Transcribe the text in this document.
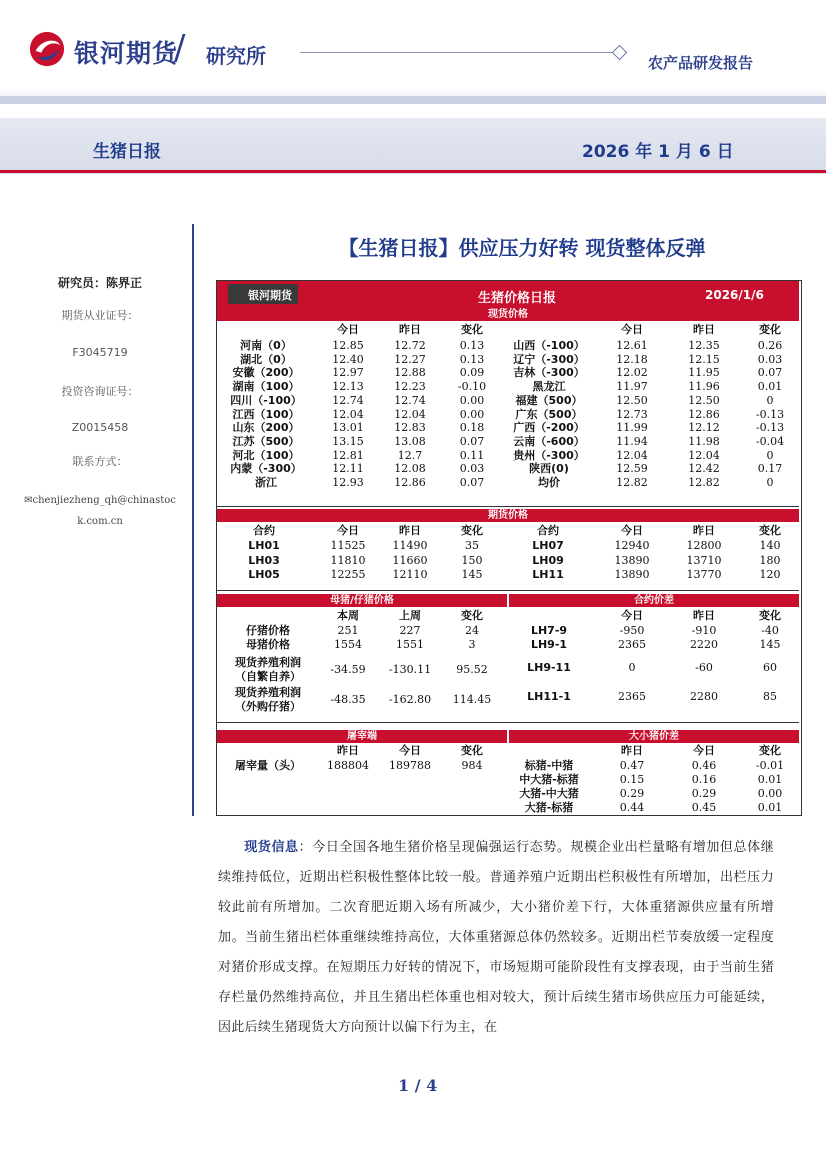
银河期货
/ 研究所	农产品研发报告
生猪日报	2026 年 1 月 6 日
研究员：陈界正
期货从业证号：
F3045719
投资咨询证号：
Z0015458
联系方式：
✉chenjiezheng_qh@chinastock.com.cn
【生猪日报】供应压力好转 现货整体反弹
银河期货	生猪价格日报	2026/1/6
现货价格
今日	今日
昨日	昨日
变化	变化
河南（0）	12.85	12.72	0.13
湖北（0）	12.40	12.27	0.13
安徽（200）	12.97	12.88	0.09
湖南（100）	12.13	12.23	-0.10
四川（-100）	12.74	12.74	0.00
江西（100）	12.04	12.04	0.00
山东（200）	13.01	12.83	0.18
江苏（500）	13.15	13.08	0.07
河北（100）	12.81	12.7	0.11
内蒙（-300）	12.11	12.08	0.03
浙江	12.93	12.86	0.07
山西（-100）	12.61	12.35	0.26
辽宁（-300）	12.18	12.15	0.03
吉林（-300）	12.02	11.95	0.07
黑龙江	11.97	11.96	0.01
福建（500）	12.50	12.50	0
广东（500）	12.73	12.86	-0.13
广西（-200）	11.99	12.12	-0.13
云南（-600）	11.94	11.98	-0.04
贵州（-300）	12.04	12.04	0
陕西(0)	12.59	12.42	0.17
均价	12.82	12.82	0
期货价格
合约	合约
今日	今日
昨日	昨日
变化	变化
LH01	11525	11490	35
LH03	11810	11660	150
LH05	12255	12110	145
LH07	12940	12800	140
LH09	13890	13710	180
LH11	13890	13770	120
母猪/仔猪价格	合约价差
本周	上周	变化	今日	昨日	变化
仔猪价格	251	227	24
母猪价格	1554	1551	3
现货养殖利润
（自繁自养）
-34.59	-130.11	95.52
现货养殖利润
（外购仔猪）
-48.35	-162.80	114.45
LH7-9	-950	-910	-40
LH9-1	2365	2220	145
LH9-11	0	-60	60
LH11-1	2365	2280	85
屠宰端	大小猪价差
昨日	今日	变化	昨日	今日	变化
屠宰量（头）	188804	189788	984	标猪-中猪	0.47	0.46	-0.01
中大猪-标猪	0.15	0.16	0.01
大猪-中大猪	0.29	0.29	0.00
大猪-标猪	0.44	0.45	0.01
现货信息：今日全国各地生猪价格呈现偏强运行态势。规模企业出栏量略有增加但总体继续维持低位，近期出栏积极性整体比较一般。普通养殖户近期出栏积极性有所增加，出栏压力较此前有所增加。二次育肥近期入场有所减少，大小猪价差下行，大体重猪源供应量有所增加。当前生猪出栏体重继续维持高位，大体重猪源总体仍然较多。近期出栏节奏放缓一定程度对猪价形成支撑。在短期压力好转的情况下，市场短期可能阶段性有支撑表现，由于当前生猪存栏量仍然维持高位，并且生猪出栏体重也相对较大，预计后续生猪市场供应压力可能延续，因此后续生猪现货大方向预计以偏下行为主，在
1 / 4
